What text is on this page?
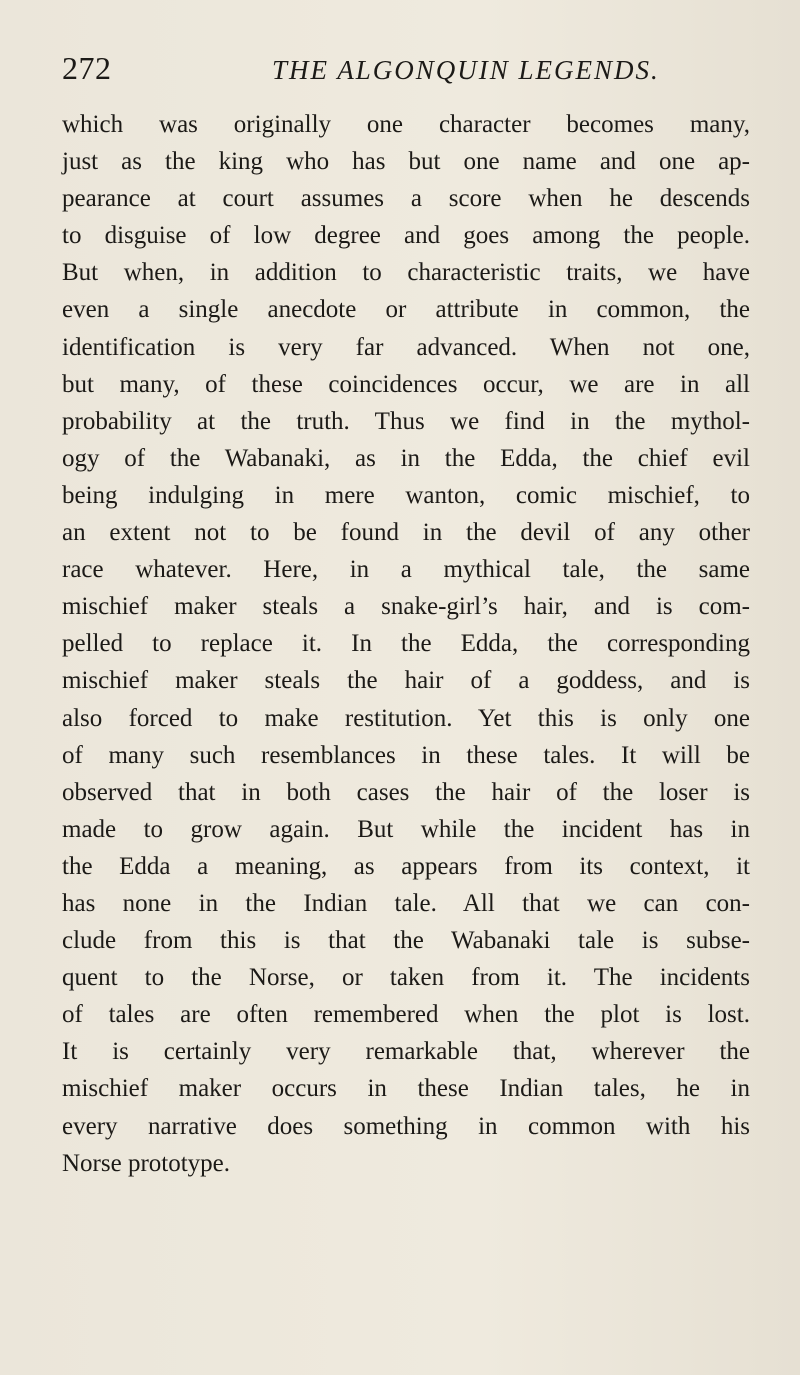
272	THE ALGONQUIN LEGENDS.
which was originally one character becomes many,
just as the king who has but one name and one ap-
pearance at court assumes a score when he descends
to disguise of low degree and goes among the people.
But when, in addition to characteristic traits, we have
even a single anecdote or attribute in common, the
identification is very far advanced. When not one,
but many, of these coincidences occur, we are in all
probability at the truth. Thus we find in the mythol-
ogy of the Wabanaki, as in the Edda, the chief evil
being indulging in mere wanton, comic mischief, to
an extent not to be found in the devil of any other
race whatever. Here, in a mythical tale, the same
mischief maker steals a snake-girl’s hair, and is com-
pelled to replace it. In the Edda, the corresponding
mischief maker steals the hair of a goddess, and is
also forced to make restitution. Yet this is only one
of many such resemblances in these tales. It will be
observed that in both cases the hair of the loser is
made to grow again. But while the incident has in
the Edda a meaning, as appears from its context, it
has none in the Indian tale. All that we can con-
clude from this is that the Wabanaki tale is subse-
quent to the Norse, or taken from it. The incidents
of tales are often remembered when the plot is lost.
It is certainly very remarkable that, wherever the
mischief maker occurs in these Indian tales, he in
every narrative does something in common with his
Norse prototype.
